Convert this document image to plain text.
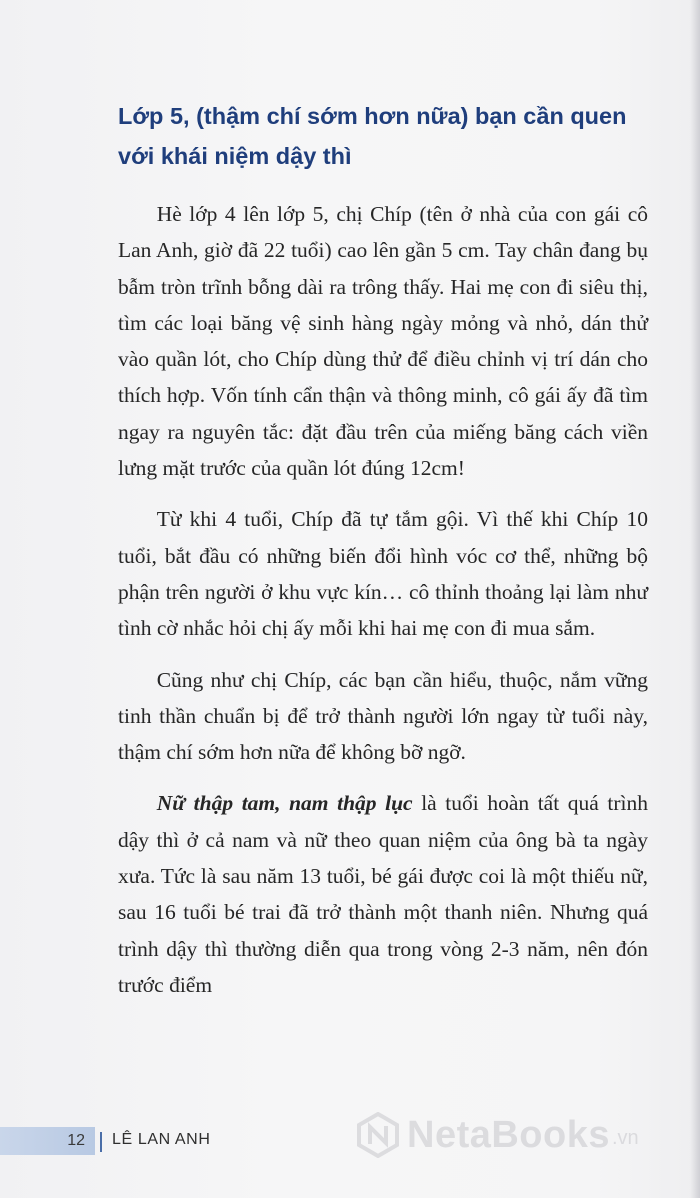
Lớp 5, (thậm chí sớm hơn nữa) bạn cần quen
với khái niệm dậy thì

Hè lớp 4 lên lớp 5, chị Chíp (tên ở nhà của con gái cô Lan Anh, giờ đã 22 tuổi) cao lên gần 5 cm. Tay chân đang bụ bẫm tròn trĩnh bỗng dài ra trông thấy. Hai mẹ con đi siêu thị, tìm các loại băng vệ sinh hàng ngày mỏng và nhỏ, dán thử vào quần lót, cho Chíp dùng thử để điều chỉnh vị trí dán cho thích hợp. Vốn tính cẩn thận và thông minh, cô gái ấy đã tìm ngay ra nguyên tắc: đặt đầu trên của miếng băng cách viền lưng mặt trước của quần lót đúng 12cm!

Từ khi 4 tuổi, Chíp đã tự tắm gội. Vì thế khi Chíp 10 tuổi, bắt đầu có những biến đổi hình vóc cơ thể, những bộ phận trên người ở khu vực kín… cô thỉnh thoảng lại làm như tình cờ nhắc hỏi chị ấy mỗi khi hai mẹ con đi mua sắm.

Cũng như chị Chíp, các bạn cần hiểu, thuộc, nắm vững tinh thần chuẩn bị để trở thành người lớn ngay từ tuổi này, thậm chí sớm hơn nữa để không bỡ ngỡ.

Nữ thập tam, nam thập lục là tuổi hoàn tất quá trình dậy thì ở cả nam và nữ theo quan niệm của ông bà ta ngày xưa. Tức là sau năm 13 tuổi, bé gái được coi là một thiếu nữ, sau 16 tuổi bé trai đã trở thành một thanh niên. Nhưng quá trình dậy thì thường diễn qua trong vòng 2-3 năm, nên đón trước điểm

12 LÊ LAN ANH	NetaBooks .vn
